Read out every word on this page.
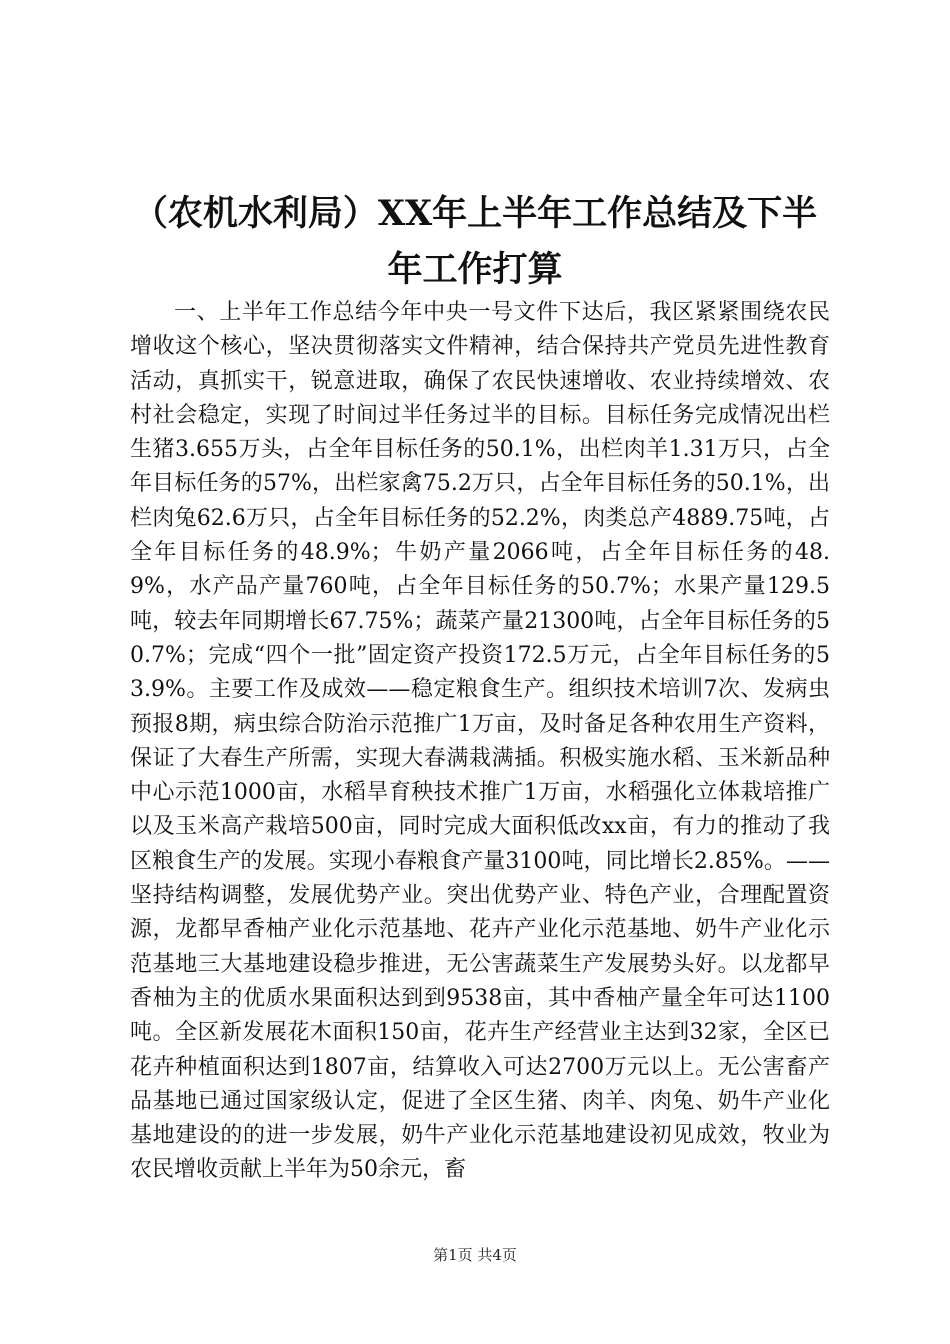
（农机水利局）XX年上半年工作总结及下半
年工作打算

一、上半年工作总结今年中央一号文件下达后，我区紧紧围绕农民增收这个核心，坚决贯彻落实文件精神，结合保持共产党员先进性教育活动，真抓实干，锐意进取，确保了农民快速增收、农业持续增效、农村社会稳定，实现了时间过半任务过半的目标。目标任务完成情况出栏生猪3.655万头，占全年目标任务的50.1%，出栏肉羊1.31万只，占全年目标任务的57%，出栏家禽75.2万只，占全年目标任务的50.1%，出栏肉兔62.6万只，占全年目标任务的52.2%，肉类总产4889.75吨，占全年目标任务的48.9%；牛奶产量2066吨，占全年目标任务的48.9%，水产品产量760吨，占全年目标任务的50.7%；水果产量129.5吨，较去年同期增长67.75%；蔬菜产量21300吨，占全年目标任务的50.7%；完成“四个一批”固定资产投资172.5万元，占全年目标任务的53.9%。主要工作及成效——稳定粮食生产。组织技术培训7次、发病虫预报8期，病虫综合防治示范推广1万亩，及时备足各种农用生产资料，保证了大春生产所需，实现大春满栽满插。积极实施水稻、玉米新品种中心示范1000亩，水稻旱育秧技术推广1万亩，水稻强化立体栽培推广以及玉米高产栽培500亩，同时完成大面积低改xx亩，有力的推动了我区粮食生产的发展。实现小春粮食产量3100吨，同比增长2.85%。——坚持结构调整，发展优势产业。突出优势产业、特色产业，合理配置资源，龙都早香柚产业化示范基地、花卉产业化示范基地、奶牛产业化示范基地三大基地建设稳步推进，无公害蔬菜生产发展势头好。以龙都早香柚为主的优质水果面积达到到9538亩，其中香柚产量全年可达1100吨。全区新发展花木面积150亩，花卉生产经营业主达到32家，全区已花卉种植面积达到1807亩，结算收入可达2700万元以上。无公害畜产品基地已通过国家级认定，促进了全区生猪、肉羊、肉兔、奶牛产业化基地建设的的进一步发展，奶牛产业化示范基地建设初见成效，牧业为农民增收贡献上半年为50余元，畜

第1页 共4页
